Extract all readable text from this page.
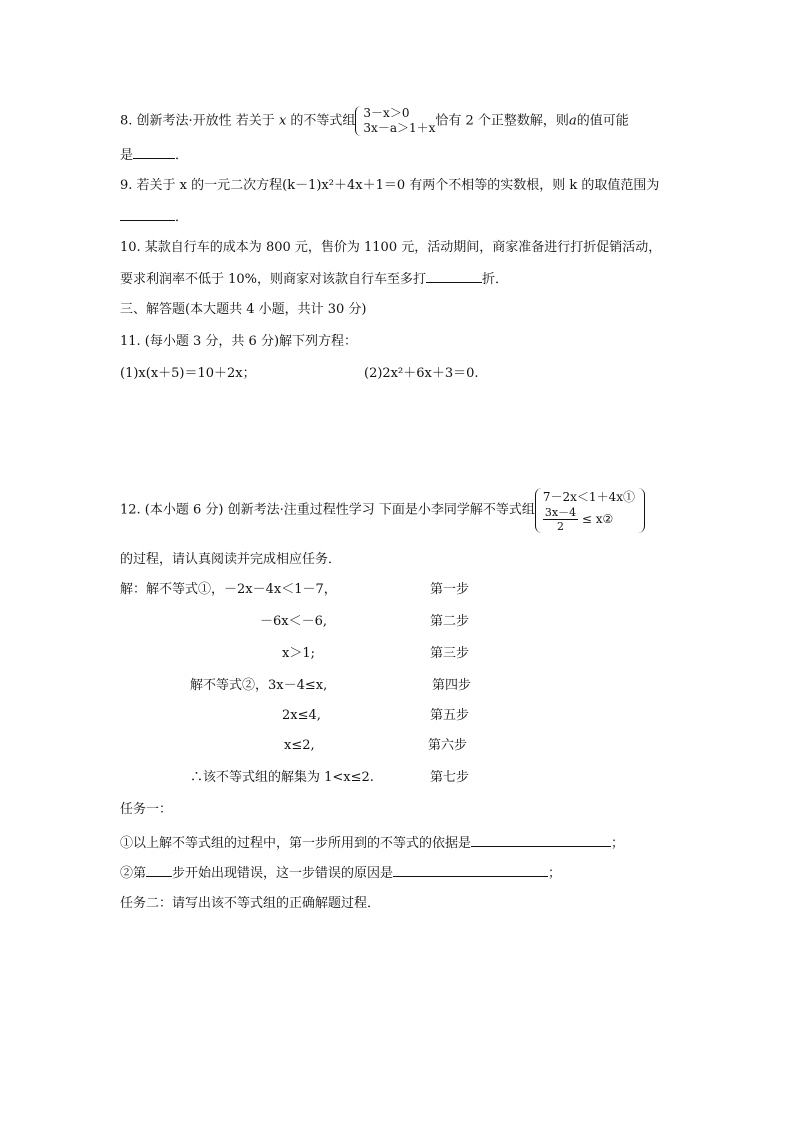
8. 创新考法·开放性 若关于 x 的不等式组
3－x＞0
3x－a＞1＋x 恰有 2 个正整数解，则a的值可能
是	．
9. 若关于 x 的一元二次方程(k－1)x²＋4x＋1＝0 有两个不相等的实数根，则 k 的取值范围为
．
10. 某款自行车的成本为 800 元，售价为 1100 元，活动期间，商家准备进行打折促销活动，
要求利润率不低于 10%，则商家对该款自行车至多打	折．
三、解答题(本大题共 4 小题，共计 30 分)
11. (每小题 3 分，共 6 分)解下列方程：
(1)x(x＋5)＝10＋2x；	(2)2x²＋6x＋3＝0.
12. (本小题 6 分) 创新考法·注重过程性学习 下面是小李同学解不等式组
7－2x＜1＋4x①
$\frac{3x-4}{2}$ ≤ x②
的过程，请认真阅读并完成相应任务．
解：解不等式①，－2x－4x＜1－7，	第一步
－6x＜－6,	第二步
x＞1;	第三步
解不等式②，3x－4≤x,	第四步
2x≤4,	第五步
x≤2,	第六步
∴该不等式组的解集为 1<x≤2.	第七步
任务一：
①以上解不等式组的过程中，第一步所用到的不等式的依据是	；
②第 步开始出现错误，这一步错误的原因是	；
任务二：请写出该不等式组的正确解题过程．
